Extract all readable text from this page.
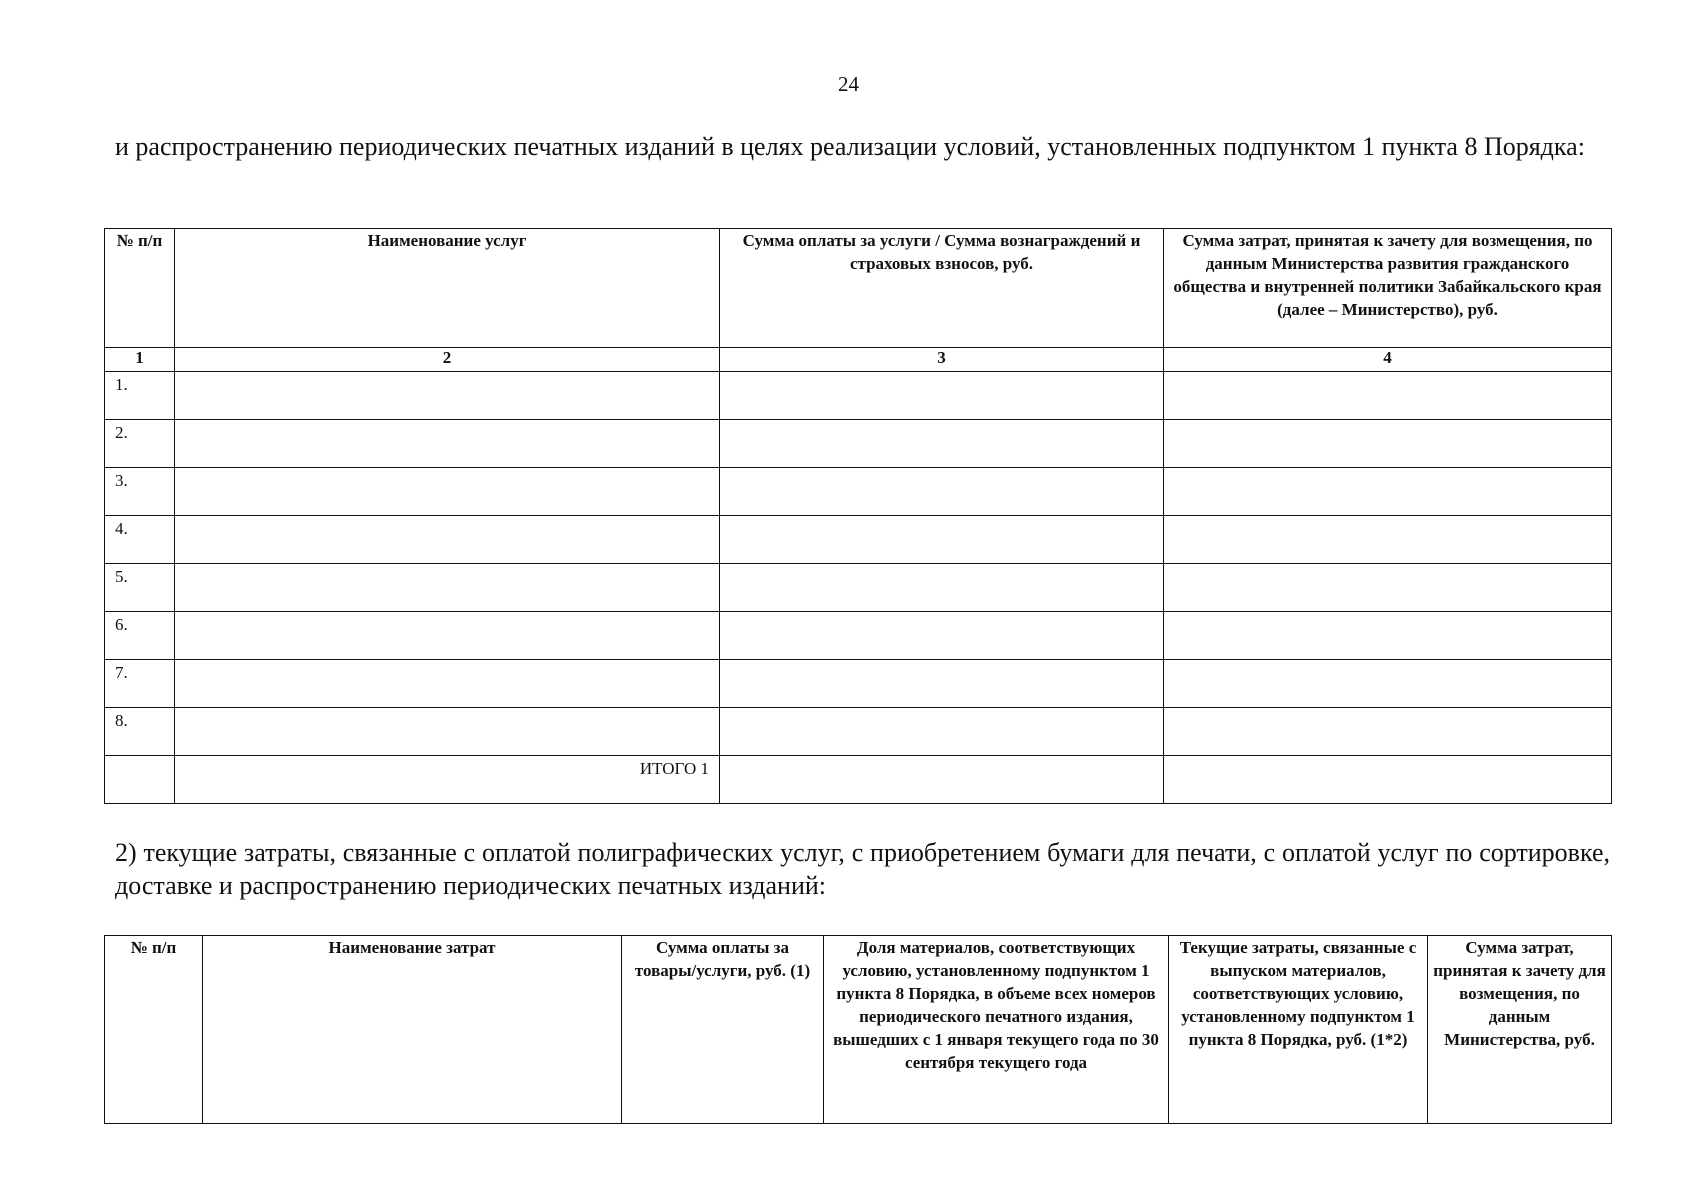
24
и распространению периодических печатных изданий в целях реализации условий, установленных подпунктом 1 пункта 8 Порядка:
№ п/п	Наименование услуг	Сумма оплаты за услуги / Сумма вознаграждений и страховых взносов, руб.	Сумма затрат, принятая к зачету для возмещения, по данным Министерства развития гражданского общества и внутренней политики Забайкальского края (далее – Министерство), руб.
1	2	3	4
1.			
2.			
3.			
4.			
5.			
6.			
7.			
8.			
	ИТОГО 1		
2) текущие затраты, связанные с оплатой полиграфических услуг, с приобретением бумаги для печати, с оплатой услуг по сортировке, доставке и распространению периодических печатных изданий:
№ п/п	Наименование затрат	Сумма оплаты за товары/услуги, руб. (1)	Доля материалов, соответствующих условию, установленному подпунктом 1 пункта 8 Порядка, в объеме всех номеров периодического печатного издания, вышедших с 1 января текущего года по 30 сентября текущего года	Текущие затраты, связанные с выпуском материалов, соответствующих условию, установленному подпунктом 1 пункта 8 Порядка, руб. (1*2)	Сумма затрат, принятая к зачету для возмещения, по данным Министерства, руб.
